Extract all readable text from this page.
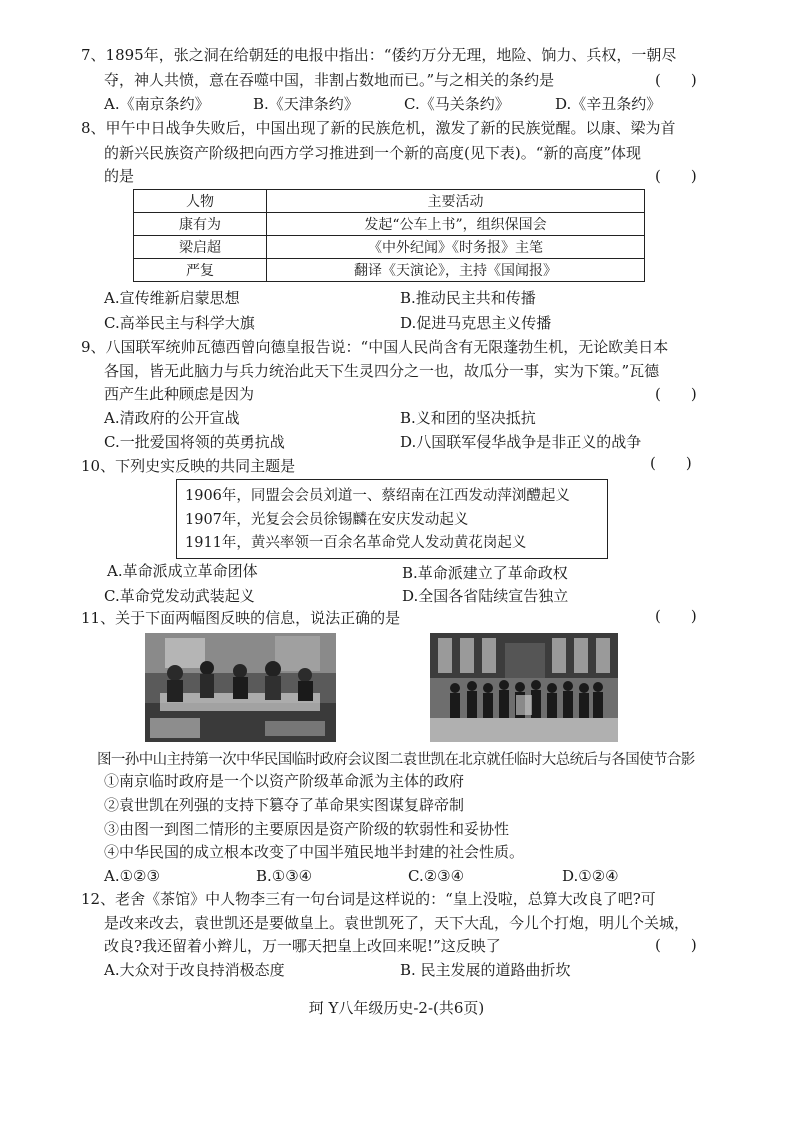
7、1895年，张之洞在给朝廷的电报中指出：“倭约万分无理，地险、饷力、兵权，一朝尽
夺，神人共愤，意在吞噬中国，非割占数地而已。”与之相关的条约是	(　　)
A.《南京条约》	B.《天津条约》	C.《马关条约》	D.《辛丑条约》
8、甲午中日战争失败后，中国出现了新的民族危机，激发了新的民族觉醒。以康、梁为首
的新兴民族资产阶级把向西方学习推进到一个新的高度(见下表)。“新的高度”体现
的是	(　　)
人物	主要活动
康有为	发起“公车上书”，组织保国会
梁启超	《中外纪闻》《时务报》主笔
严复	翻译《天演论》，主持《国闻报》
A.宣传维新启蒙思想	B.推动民主共和传播
C.高举民主与科学大旗	D.促进马克思主义传播
9、八国联军统帅瓦德西曾向德皇报告说：“中国人民尚含有无限蓬勃生机，无论欧美日本
各国，皆无此脑力与兵力统治此天下生灵四分之一也，故瓜分一事，实为下策。”瓦德
西产生此种顾虑是因为	(　　)
A.清政府的公开宣战	B.义和团的坚决抵抗
C.一批爱国将领的英勇抗战	D.八国联军侵华战争是非正义的战争
10、下列史实反映的共同主题是	(　　)
1906年，同盟会会员刘道一、蔡绍南在江西发动萍浏醴起义
1907年，光复会会员徐锡麟在安庆发动起义
1911年，黄兴率领一百余名革命党人发动黄花岗起义
A.革命派成立革命团体	B.革命派建立了革命政权
C.革命党发动武装起义	D.全国各省陆续宣告独立
11、关于下面两幅图反映的信息，说法正确的是	(　　)
图一孙中山主持第一次中华民国临时政府会议图二袁世凯在北京就任临时大总统后与各国使节合影
①南京临时政府是一个以资产阶级革命派为主体的政府
②袁世凯在列强的支持下篡夺了革命果实图谋复辟帝制
③由图一到图二情形的主要原因是资产阶级的软弱性和妥协性
④中华民国的成立根本改变了中国半殖民地半封建的社会性质。
A.①②③	B.①③④	C.②③④	D.①②④
12、老舍《茶馆》中人物李三有一句台词是这样说的：“皇上没啦，总算大改良了吧?可
是改来改去，袁世凯还是要做皇上。袁世凯死了，天下大乱，今儿个打炮，明儿个关城，
改良?我还留着小辫儿，万一哪天把皇上改回来呢!”这反映了	(　　)
A.大众对于改良持消极态度	B. 民主发展的道路曲折坎
珂 Y八年级历史-2-(共6页)
